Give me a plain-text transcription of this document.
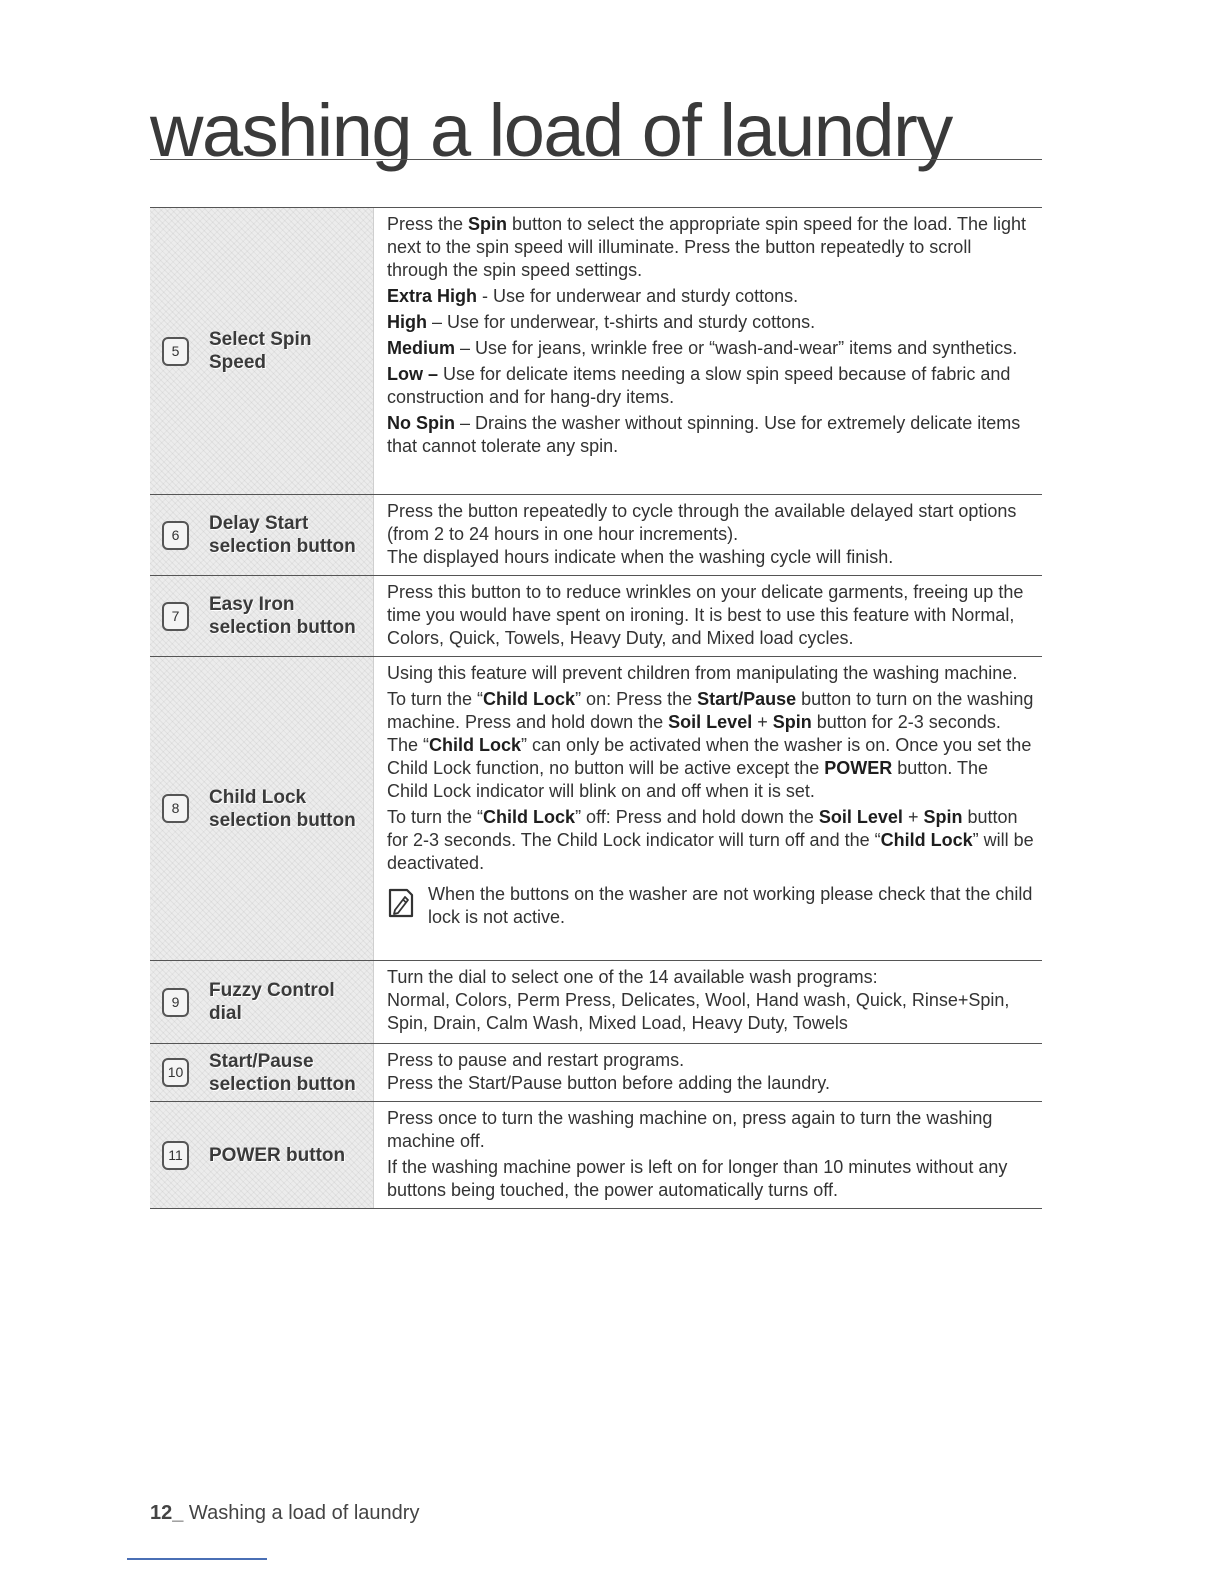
washing a load of laundry
5
Select Spin
Speed

Press the Spin button to select the appropriate spin speed for the load. The light next to the spin speed will illuminate. Press the button repeatedly to scroll through the spin speed settings.

Extra High - Use for underwear and sturdy cottons.

High – Use for underwear, t-shirts and sturdy cottons.

Medium – Use for jeans, wrinkle free or “wash-and-wear” items and synthetics.

Low – Use for delicate items needing a slow spin speed because of fabric and construction and for hang-dry items.

No Spin – Drains the washer without spinning. Use for extremely delicate items that cannot tolerate any spin.

6
Delay Start
selection button

Press the button repeatedly to cycle through the available delayed start options (from 2 to 24 hours in one hour increments).
The displayed hours indicate when the washing cycle will finish.

7
Easy Iron
selection button

Press this button to to reduce wrinkles on your delicate garments, freeing up the time you would have spent on ironing. It is best to use this feature with Normal, Colors, Quick, Towels, Heavy Duty, and Mixed load cycles.

8
Child Lock
selection button

Using this feature will prevent children from manipulating the washing machine.

To turn the “Child Lock” on: Press the Start/Pause button to turn on the washing machine. Press and hold down the Soil Level + Spin button for 2-3 seconds. The “Child Lock” can only be activated when the washer is on. Once you set the Child Lock function, no button will be active except the POWER button. The Child Lock indicator will blink on and off when it is set.

To turn the “Child Lock” off: Press and hold down the Soil Level + Spin button for 2-3 seconds. The Child Lock indicator will turn off and the “Child Lock” will be deactivated.

When the buttons on the washer are not working please check that the child lock is not active.
9
Fuzzy Control
dial

Turn the dial to select one of the 14 available wash programs:
Normal, Colors, Perm Press, Delicates, Wool, Hand wash, Quick, Rinse+Spin, Spin, Drain, Calm Wash, Mixed Load, Heavy Duty, Towels

10
Start/Pause
selection button

Press to pause and restart programs.
Press the Start/Pause button before adding the laundry.

11	POWER button

Press once to turn the washing machine on, press again to turn the washing machine off.

If the washing machine power is left on for longer than 10 minutes without any buttons being touched, the power automatically turns off.

12_ Washing a load of laundry
